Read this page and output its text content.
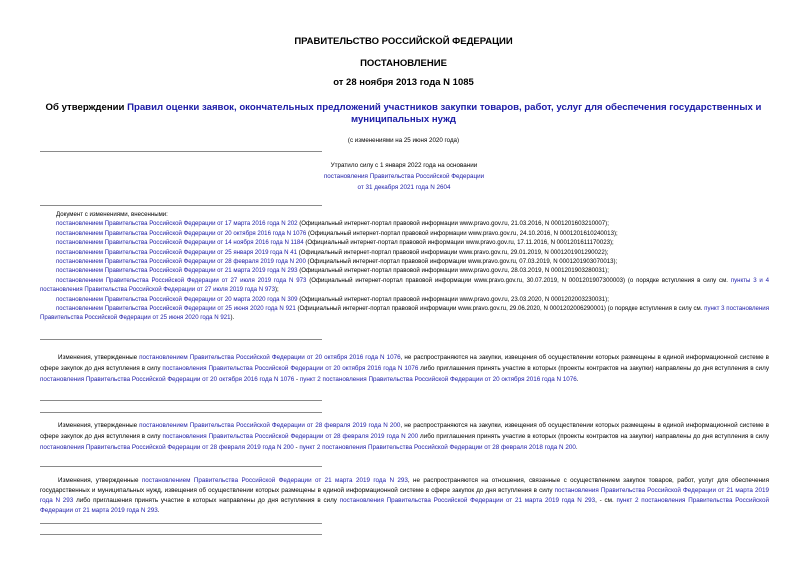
ПРАВИТЕЛЬСТВО РОССИЙСКОЙ ФЕДЕРАЦИИ
ПОСТАНОВЛЕНИЕ
от 28 ноября 2013 года N 1085
Об утверждении Правил оценки заявок, окончательных предложений участников закупки товаров, работ, услуг для обеспечения государственных и муниципальных нужд
(с изменениями на 25 июня 2020 года)
Утратило силу с 1 января 2022 года на основании
постановления Правительства Российской Федерации
от 31 декабря 2021 года N 2604
Документ с изменениями, внесенными:
постановлением Правительства Российской Федерации от 17 марта 2016 года N 202 (Официальный интернет-портал правовой информации www.pravo.gov.ru, 21.03.2016, N 0001201603210007);
постановлением Правительства Российской Федерации от 20 октября 2016 года N 1076 (Официальный интернет-портал правовой информации www.pravo.gov.ru, 24.10.2016, N 0001201610240013);
постановлением Правительства Российской Федерации от 14 ноября 2016 года N 1184 (Официальный интернет-портал правовой информации www.pravo.gov.ru, 17.11.2016, N 0001201611170023);
постановлением Правительства Российской Федерации от 25 января 2019 года N 41 (Официальный интернет-портал правовой информации www.pravo.gov.ru, 29.01.2019, N 0001201901290022);
постановлением Правительства Российской Федерации от 28 февраля 2019 года N 200 (Официальный интернет-портал правовой информации www.pravo.gov.ru, 07.03.2019, N 0001201903070013);
постановлением Правительства Российской Федерации от 21 марта 2019 года N 293 (Официальный интернет-портал правовой информации www.pravo.gov.ru, 28.03.2019, N 0001201903280031);
постановлением Правительства Российской Федерации от 27 июля 2019 года N 973 (Официальный интернет-портал правовой информации www.pravo.gov.ru, 30.07.2019, N 0001201907300003) (о порядке вступления в силу см. пункты 3 и 4 постановления Правительства Российской Федерации от 27 июля 2019 года N 973);
постановлением Правительства Российской Федерации от 20 марта 2020 года N 309 (Официальный интернет-портал правовой информации www.pravo.gov.ru, 23.03.2020, N 0001202003230031);
постановлением Правительства Российской Федерации от 25 июня 2020 года N 921 (Официальный интернет-портал правовой информации www.pravo.gov.ru, 29.06.2020, N 0001202006290001) (о порядке вступления в силу см. пункт 3 постановления Правительства Российской Федерации от 25 июня 2020 года N 921).
Изменения, утвержденные постановлением Правительства Российской Федерации от 20 октября 2016 года N 1076, не распространяются на закупки, извещения об осуществлении которых размещены в единой информационной системе в сфере закупок до дня вступления в силу постановления Правительства Российской Федерации от 20 октября 2016 года N 1076 либо приглашения принять участие в которых (проекты контрактов на закупки) направлены до дня вступления в силу постановления Правительства Российской Федерации от 20 октября 2016 года N 1076 - пункт 2 постановления Правительства Российской Федерации от 20 октября 2016 года N 1076.
Изменения, утвержденные постановлением Правительства Российской Федерации от 28 февраля 2019 года N 200, не распространяются на закупки, извещения об осуществлении которых размещены в единой информационной системе в сфере закупок до дня вступления в силу постановления Правительства Российской Федерации от 28 февраля 2019 года N 200 либо приглашения принять участие в которых (проекты контрактов на закупки) направлены до дня вступления в силу постановления Правительства Российской Федерации от 28 февраля 2019 года N 200 - пункт 2 постановления Правительства Российской Федерации от 28 февраля 2018 года N 200.
Изменения, утвержденные постановлением Правительства Российской Федерации от 21 марта 2019 года N 293, не распространяются на отношения, связанные с осуществлением закупок товаров, работ, услуг для обеспечения государственных и муниципальных нужд, извещения об осуществлении которых размещены в единой информационной системе в сфере закупок до дня вступления в силу постановления Правительства Российской Федерации от 21 марта 2019 года N 293 либо приглашения принять участие в которых направлены до дня вступления в силу постановления Правительства Российской Федерации от 21 марта 2019 года N 293, - см. пункт 2 постановления Правительства Российской Федерации от 21 марта 2019 года N 293.
